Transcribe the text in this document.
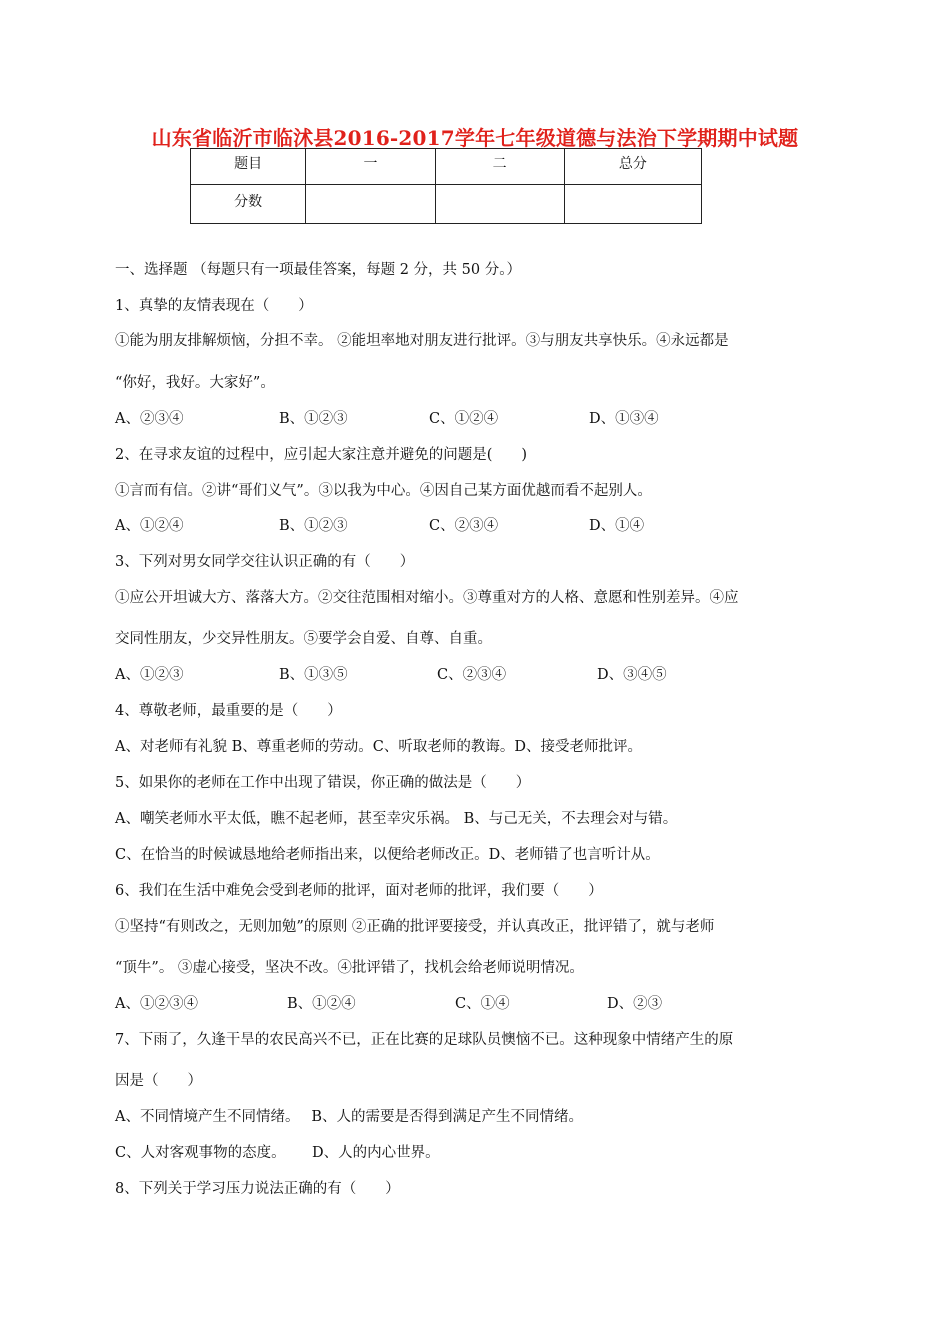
山东省临沂市临沭县2016-2017学年七年级道德与法治下学期期中试题
题目	一	二	总分
分数			
一、选择题 （每题只有一项最佳答案，每题 2 分，共 50 分。）
1、真挚的友情表现在（　　）
①能为朋友排解烦恼，分担不幸。 ②能坦率地对朋友进行批评。③与朋友共享快乐。④永远都是
“你好，我好。大家好”。
A、②③④	B、①②③	C、①②④	D、①③④
2、在寻求友谊的过程中，应引起大家注意并避免的问题是(　　)
①言而有信。②讲“哥们义气”。③以我为中心。④因自己某方面优越而看不起别人。
A、①②④	B、①②③	C、②③④	D、①④
3、下列对男女同学交往认识正确的有（　　）
①应公开坦诚大方、落落大方。②交往范围相对缩小。③尊重对方的人格、意愿和性别差异。④应
交同性朋友，少交异性朋友。⑤要学会自爱、自尊、自重。
A、①②③	B、①③⑤	C、②③④	D、③④⑤
4、尊敬老师，最重要的是（　　）
A、对老师有礼貌 B、尊重老师的劳动。C、听取老师的教诲。D、接受老师批评。
5、如果你的老师在工作中出现了错误，你正确的做法是（　　）
A、嘲笑老师水平太低，瞧不起老师，甚至幸灾乐祸。 B、与己无关，不去理会对与错。
C、在恰当的时候诚恳地给老师指出来，以便给老师改正。D、老师错了也言听计从。
6、我们在生活中难免会受到老师的批评，面对老师的批评，我们要（　　）
①坚持“有则改之，无则加勉”的原则 ②正确的批评要接受，并认真改正，批评错了，就与老师
“顶牛”。 ③虚心接受，坚决不改。④批评错了，找机会给老师说明情况。
A、①②③④	B、①②④	C、①④	D、②③
7、下雨了，久逢干旱的农民高兴不已，正在比赛的足球队员懊恼不已。这种现象中情绪产生的原
因是（　　）
A、不同情境产生不同情绪。　 B、人的需要是否得到满足产生不同情绪。
C、人对客观事物的态度。　　 D、人的内心世界。
8、下列关于学习压力说法正确的有（　　）
